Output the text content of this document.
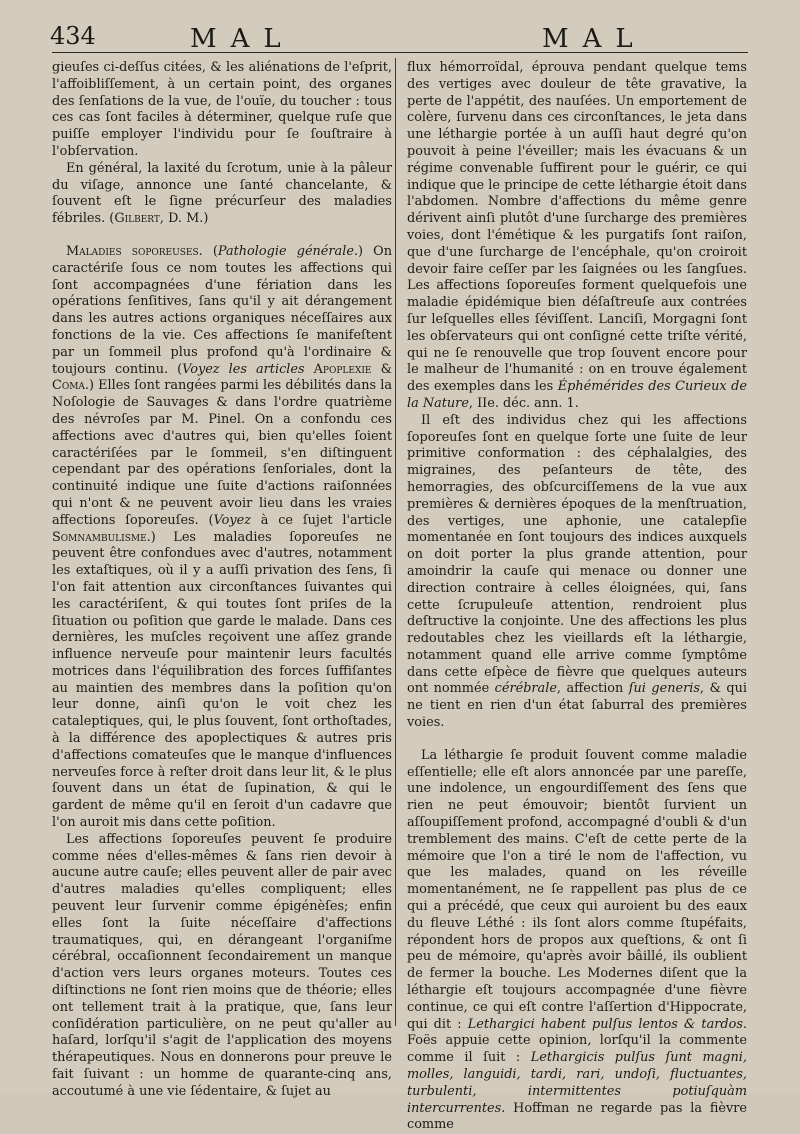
434	MAL	MAL

gieuſes ci-deſſus citées, & les aliénations de l'eſprit, l'affoibliſſement, à un certain point, des organes des ſenſations de la vue, de l'ouïe, du toucher : tous ces cas ſont faciles à déterminer, quelque ruſe que puiſſe employer l'individu pour ſe ſouſtraire à l'obſervation.

En général, la laxité du ſcrotum, unie à la pâleur du viſage, annonce une ſanté chancelante, & ſouvent eſt le ſigne précurſeur des maladies fébriles. (Gilbert, D. M.)

Maladies soporeuses. (Pathologie générale.) On caractériſe ſous ce nom toutes les affections qui ſont accompagnées d'une fériation dans les opérations ſenſitives, ſans qu'il y ait dérangement dans les autres actions organiques néceſſaires aux fonctions de la vie. Ces affections ſe manifeſtent par un ſommeil plus profond qu'à l'ordinaire & toujours continu. (Voyez les articles Apoplexie & Coma.) Elles ſont rangées parmi les débilités dans la Noſologie de Sauvages & dans l'ordre quatrième des névroſes par M. Pinel. On a confondu ces affections avec d'autres qui, bien qu'elles ſoient caractériſées par le ſommeil, s'en diſtinguent cependant par des opérations ſenſoriales, dont la continuité indique une ſuite d'actions raiſonnées qui n'ont & ne peuvent avoir lieu dans les vraies affections ſoporeuſes. (Voyez à ce ſujet l'article Somnambulisme.) Les maladies ſoporeuſes ne peuvent être confondues avec d'autres, notamment les extaſtiques, où il y a auſſi privation des ſens, ſi l'on fait attention aux circonſtances ſuivantes qui les caractériſent, & qui toutes ſont priſes de la ſituation ou poſition que garde le malade. Dans ces dernières, les muſcles reçoivent une aſſez grande influence nerveuſe pour maintenir leurs facultés motrices dans l'équilibration des forces ſuffiſantes au maintien des membres dans la poſition qu'on leur donne, ainſi qu'on le voit chez les cataleptiques, qui, le plus ſouvent, ſont orthoſtades, à la différence des apoplectiques & autres pris d'affections comateuſes que le manque d'influences nerveuſes force à reſter droit dans leur lit, & le plus ſouvent dans un état de ſupination, & qui le gardent de même qu'il en ſeroit d'un cadavre que l'on auroit mis dans cette poſition.

Les affections ſoporeuſes peuvent ſe produire comme nées d'elles-mêmes & ſans rien devoir à aucune autre cauſe; elles peuvent aller de pair avec d'autres maladies qu'elles compliquent; elles peuvent leur ſurvenir comme épigénèſes; enfin elles ſont la ſuite néceſſaire d'affections traumatiques, qui, en dérangeant l'organiſme cérébral, occaſionnent ſecondairement un manque d'action vers leurs organes moteurs. Toutes ces diſtinctions ne ſont rien moins que de théorie; elles ont tellement trait à la pratique, que, ſans leur conſidération particulière, on ne peut qu'aller au haſard, lorſqu'il s'agit de l'application des moyens thérapeutiques. Nous en donnerons pour preuve le fait ſuivant : un homme de quarante-cinq ans, accoutumé à une vie ſédentaire, & ſujet au

flux hémorroïdal, éprouva pendant quelque tems des vertiges avec douleur de tête gravative, la perte de l'appétit, des nauſées. Un emportement de colère, ſurvenu dans ces circonſtances, le jeta dans une léthargie portée à un auſſi haut degré qu'on pouvoit à peine l'éveiller; mais les évacuans & un régime convenable ſuffirent pour le guérir, ce qui indique que le principe de cette léthargie étoit dans l'abdomen. Nombre d'affections du même genre dérivent ainſi plutôt d'une ſurcharge des premières voies, dont l'émétique & les purgatifs ſont raiſon, que d'une ſurcharge de l'encéphale, qu'on croiroit devoir faire ceſſer par les ſaignées ou les ſangſues. Les affections ſoporeuſes forment quelquefois une maladie épidémique bien déſaſtreuſe aux contrées ſur leſquelles elles ſéviſſent. Lanciſi, Morgagni ſont les obſervateurs qui ont conſigné cette triſte vérité, qui ne ſe renouvelle que trop ſouvent encore pour le malheur de l'humanité : on en trouve également des exemples dans les Éphémérides des Curieux de la Nature, IIe. déc. ann. 1.

Il eſt des individus chez qui les affections ſoporeuſes ſont en quelque ſorte une ſuite de leur primitive conformation : des céphalalgies, des migraines, des peſanteurs de tête, des hemorragies, des obſcurciſſemens de la vue aux premières & dernières époques de la menſtruation, des vertiges, une aphonie, une catalepſie momentanée en ſont toujours des indices auxquels on doit porter la plus grande attention, pour amoindrir la cauſe qui menace ou donner une direction contraire à celles éloignées, qui, ſans cette ſcrupuleuſe attention, rendroient plus deſtructive la conjointe. Une des affections les plus redoutables chez les vieillards eſt la léthargie, notamment quand elle arrive comme ſymptôme dans cette eſpèce de fièvre que quelques auteurs ont nommée cérébrale, affection ſui generis, & qui ne tient en rien d'un état ſaburral des premières voies.

La léthargie ſe produit ſouvent comme maladie eſſentielle; elle eſt alors annoncée par une pareſſe, une indolence, un engourdiſſement des ſens que rien ne peut émouvoir; bientôt ſurvient un aſſoupiſſement profond, accompagné d'oubli & d'un tremblement des mains. C'eſt de cette perte de la mémoire que l'on a tiré le nom de l'affection, vu que les malades, quand on les réveille momentanément, ne ſe rappellent pas plus de ce qui a précédé, que ceux qui auroient bu des eaux du fleuve Léthé : ils ſont alors comme ſtupéfaits, répondent hors de propos aux queſtions, & ont ſi peu de mémoire, qu'après avoir bâillé, ils oublient de fermer la bouche. Les Modernes diſent que la léthargie eſt toujours accompagnée d'une fièvre continue, ce qui eſt contre l'aſſertion d'Hippocrate, qui dit : Lethargici habent pulſus lentos & tardos. Foës appuie cette opinion, lorſqu'il la commente comme il ſuit : Lethargicis pulſus ſunt magni, molles, languidi, tardi, rari, undoſi, fluctuantes, turbulenti, intermittentes potiuſquàm intercurrentes. Hoffman ne regarde pas la fièvre comme
